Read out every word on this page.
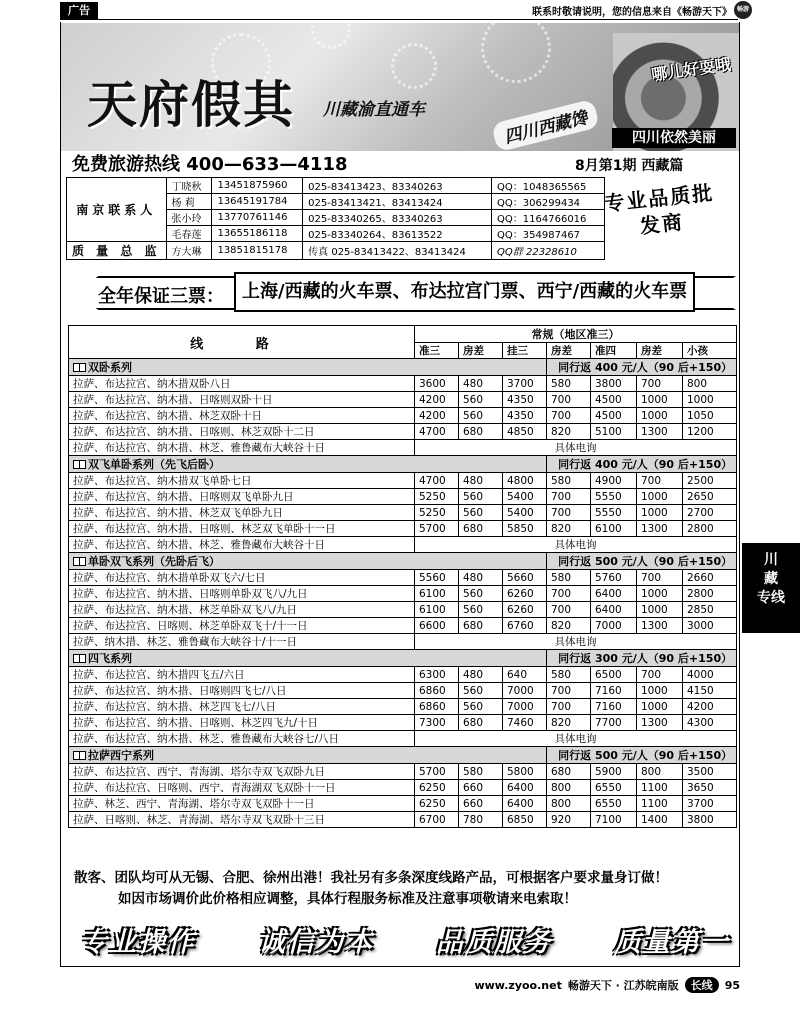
广告	联系时敬请说明，您的信息来自《畅游天下》 畅游
天府假其 川藏渝直通车	四川西藏馋
哪儿好耍哦
四川依然美丽
免费旅游热线 400—633—4118	8月第1期 西藏篇
南京联系人	丁晓秋	13451875960	025-83413423、83340263	QQ：1048365565	
	杨 莉	13645191784	025-83413421、83413424	QQ：306299434	
	张小玲	13770761146	025-83340265、83340263	QQ：1164766016	
	毛春莲	13655186118	025-83340264、83613522	QQ：354987467	
质 量 总 监	方大琳	13851815178	传真 025-83413422、83413424	QQ群 22328610	
专业品质批发商
全年保证三票：	上海/西藏的火车票、布达拉宫门票、西宁/西藏的火车票
线 路	常规（地区准三）						
	准三	房差	挂三	房差	准四	房差	小孩
双卧系列				同行返 400 元/人（90 后+150）			
拉萨、布达拉宫、纳木措双卧八日	3600	480	3700	580	3800	700	800
拉萨、布达拉宫、纳木措、日喀则双卧十日	4200	560	4350	700	4500	1000	1000
拉萨、布达拉宫、纳木措、林芝双卧十日	4200	560	4350	700	4500	1000	1050
拉萨、布达拉宫、纳木措、日喀则、林芝双卧十二日	4700	680	4850	820	5100	1300	1200
拉萨、布达拉宫、纳木措、林芝、雅鲁藏布大峡谷十日	具体电询						
双飞单卧系列（先飞后卧）				同行返 400 元/人（90 后+150）			
拉萨、布达拉宫、纳木措双飞单卧七日	4700	480	4800	580	4900	700	2500
拉萨、布达拉宫、纳木措、日喀则双飞单卧九日	5250	560	5400	700	5550	1000	2650
拉萨、布达拉宫、纳木措、林芝双飞单卧九日	5250	560	5400	700	5550	1000	2700
拉萨、布达拉宫、纳木措、日喀则、林芝双飞单卧十一日	5700	680	5850	820	6100	1300	2800
拉萨、布达拉宫、纳木措、林芝、雅鲁藏布大峡谷十日	具体电询						
单卧双飞系列（先卧后飞）				同行返 500 元/人（90 后+150）			
拉萨、布达拉宫、纳木措单卧双飞六/七日	5560	480	5660	580	5760	700	2660
拉萨、布达拉宫、纳木措、日喀则单卧双飞八/九日	6100	560	6260	700	6400	1000	2800
拉萨、布达拉宫、纳木措、林芝单卧双飞八/九日	6100	560	6260	700	6400	1000	2850
拉萨、布达拉宫、日喀则、林芝单卧双飞十/十一日	6600	680	6760	820	7000	1300	3000
拉萨、纳木措、林芝、雅鲁藏布大峡谷十/十一日	具体电询						
四飞系列				同行返 300 元/人（90 后+150）			
拉萨、布达拉宫、纳木措四飞五/六日	6300	480	640	580	6500	700	4000
拉萨、布达拉宫、纳木措、日喀则四飞七/八日	6860	560	7000	700	7160	1000	4150
拉萨、布达拉宫、纳木措、林芝四飞七/八日	6860	560	7000	700	7160	1000	4200
拉萨、布达拉宫、纳木措、日喀则、林芝四飞九/十日	7300	680	7460	820	7700	1300	4300
拉萨、布达拉宫、纳木措、林芝、雅鲁藏布大峡谷七/八日	具体电询						
拉萨西宁系列				同行返 500 元/人（90 后+150）			
拉萨、布达拉宫、西宁、青海湖、塔尔寺双飞双卧九日	5700	580	5800	680	5900	800	3500
拉萨、布达拉宫、日喀则、西宁、青海湖双飞双卧十一日	6250	660	6400	800	6550	1100	3650
拉萨、林芝、西宁、青海湖、塔尔寺双飞双卧十一日	6250	660	6400	800	6550	1100	3700
拉萨、日喀则、林芝、青海湖、塔尔寺双飞双卧十三日	6700	780	6850	920	7100	1400	3800
散客、团队均可从无锡、合肥、徐州出港！我社另有多条深度线路产品，可根据客户要求量身订做！
如因市场调价此价格相应调整，具体行程服务标准及注意事项敬请来电索取！
专业操作 诚信为本 品质服务 质量第一
川
藏
专线
www.zyoo.net 畅游天下 · 江苏皖南版	长线	95
